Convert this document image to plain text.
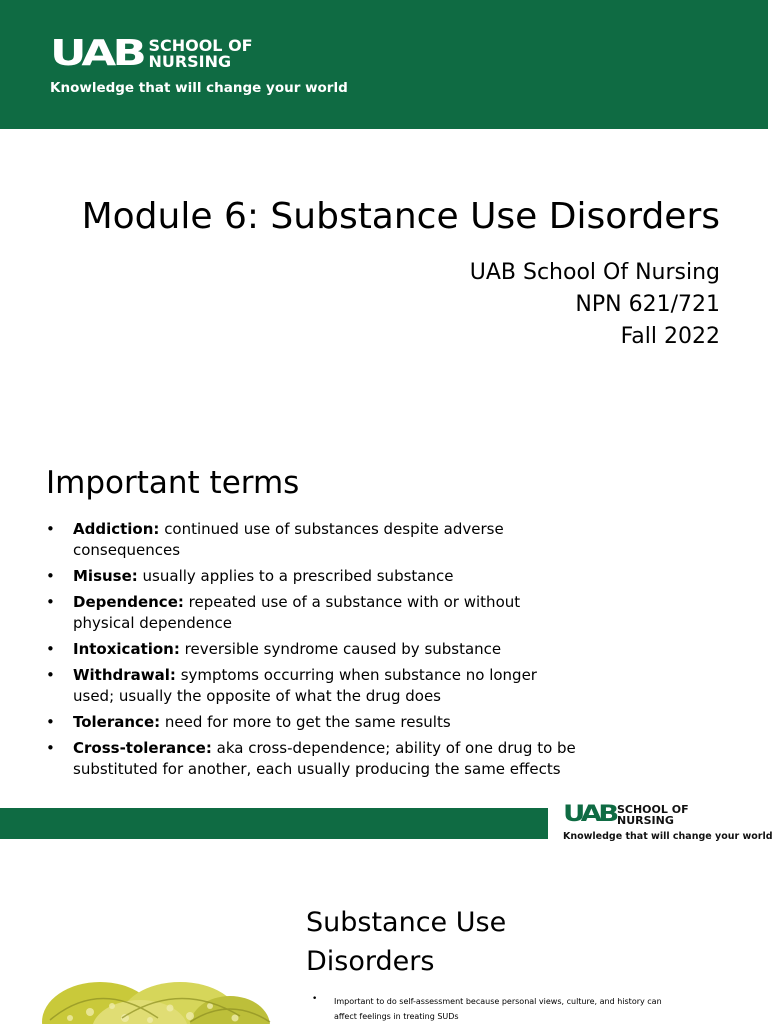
UAB SCHOOL OF
NURSING
Knowledge that will change your world
Module 6: Substance Use Disorders
UAB School Of Nursing
NPN 621/721
Fall 2022
Important terms
• Addiction: continued use of substances despite adverse consequences
• Misuse: usually applies to a prescribed substance
• Dependence: repeated use of a substance with or without physical dependence
• Intoxication: reversible syndrome caused by substance
• Withdrawal: symptoms occurring when substance no longer used; usually the opposite of what the drug does
• Tolerance: need for more to get the same results
• Cross-tolerance: aka cross-dependence; ability of one drug to be substituted for another, each usually producing the same effects
UAB SCHOOL OF
NURSING
Knowledge that will change your world
Substance Use
Disorders
• Important to do self-assessment because personal views, culture, and history can affect feelings in treating SUDs
